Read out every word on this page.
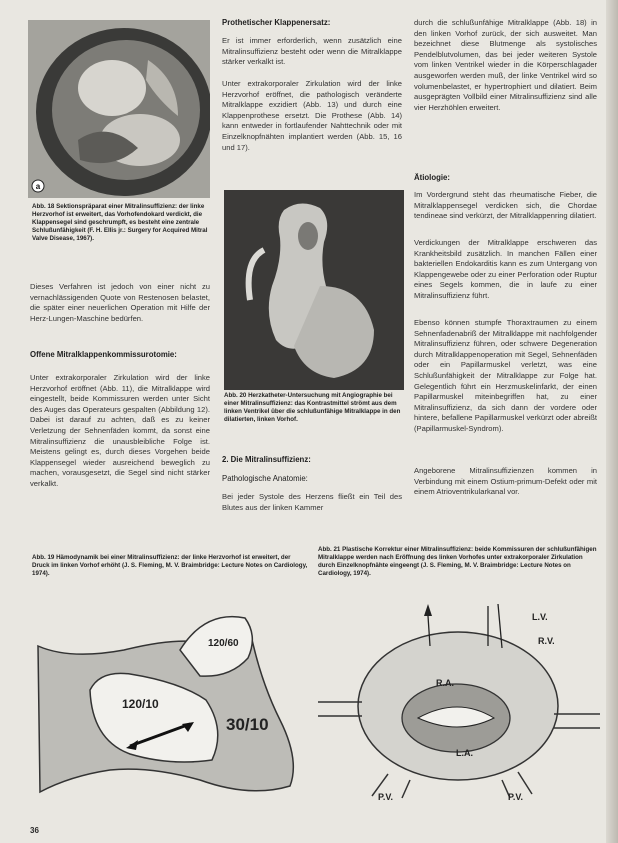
a
Abb. 18 Sektionspräparat einer Mitralinsuffizienz: der linke Herzvorhof ist erweitert, das Vorhofendokard verdickt, die Klappensegel sind geschrumpft, es besteht eine zentrale Schlußunfähigkeit (F. H. Ellis jr.: Surgery for Acquired Mitral Valve Disease, 1967).
Dieses Verfahren ist jedoch von einer nicht zu vernachlässigenden Quote von Restenosen belastet, die später einer neuerlichen Operation mit Hilfe der Herz-Lungen-Maschine bedürfen.
Offene Mitralklappenkommissurotomie:
Unter extrakorporaler Zirkulation wird der linke Herzvorhof eröffnet (Abb. 11), die Mitralklappe wird eingestellt, beide Kommissuren werden unter Sicht des Auges das Operateurs gespalten (Abbildung 12). Dabei ist darauf zu achten, daß es zu keiner Verletzung der Sehnenfäden kommt, da sonst eine Mitralinsuffizienz die unausbleibliche Folge ist. Meistens gelingt es, durch dieses Vorgehen beide Klappensegel wieder ausreichend beweglich zu machen, vorausgesetzt, die Segel sind nicht stärker verkalkt.
Prothetischer Klappenersatz:
Er ist immer erforderlich, wenn zusätzlich eine Mitralinsuffizienz besteht oder wenn die Mitralklappe stärker verkalkt ist.
Unter extrakorporaler Zirkulation wird der linke Herzvorhof eröffnet, die pathologisch veränderte Mitralklappe exzidiert (Abb. 13) und durch eine Klappenprothese ersetzt. Die Prothese (Abb. 14) kann entweder in fortlaufender Nahttechnik oder mit Einzelknopfnähten implantiert werden (Abb. 15, 16 und 17).
Abb. 20 Herzkatheter-Untersuchung mit Angiographie bei einer Mitralinsuffizienz: das Kontrastmittel strömt aus dem linken Ventrikel über die schlußunfähige Mitralklappe in den dilatierten, linken Vorhof.
2. Die Mitralinsuffizienz:
Pathologische Anatomie:
Bei jeder Systole des Herzens fließt ein Teil des Blutes aus der linken Kammer
durch die schlußunfähige Mitralklappe (Abb. 18) in den linken Vorhof zurück, der sich ausweitet. Man bezeichnet diese Blutmenge als systolisches Pendelblutvolumen, das bei jeder weiteren Systole vom linken Ventrikel wieder in die Körperschlagader ausgeworfen werden muß, der linke Ventrikel wird so volumenbelastet, er hypertrophiert und dilatiert. Beim ausgeprägten Vollbild einer Mitralinsuffizienz sind alle vier Herzhöhlen erweitert.
Ätiologie:
Im Vordergrund steht das rheumatische Fieber, die Mitralklappensegel verdicken sich, die Chordae tendineae sind verkürzt, der Mitralklappenring dilatiert.
Verdickungen der Mitralklappe erschweren das Krankheitsbild zusätzlich. In manchen Fällen einer bakteriellen Endokarditis kann es zum Untergang von Klappengewebe oder zu einer Perforation oder Ruptur eines Segels kommen, die in laufe zu einer Mitralinsuffizienz führt.
Ebenso können stumpfe Thoraxtraumen zu einem Sehnenfadenabriß der Mitralklappe mit nachfolgender Mitralinsuffizienz führen, oder schwere Degeneration durch Mitralklappenoperation mit Segel, Sehnenfäden oder ein Papillarmuskel verletzt, was eine Schlußunfähigkeit der Mitralklappe zur Folge hat. Gelegentlich führt ein Herzmuskelinfarkt, der einen Papillarmuskel miteinbegriffen hat, zu einer Mitralinsuffizienz, da sich dann der vordere oder hintere, befallene Papillarmuskel verkürzt oder abreißt (Papillarmuskel-Syndrom).
Angeborene Mitralinsuffizienzen kommen in Verbindung mit einem Ostium-primum-Defekt oder mit einem Atrioventrikularkanal vor.
Abb. 19 Hämodynamik bei einer Mitralinsuffizienz: der linke Herzvorhof ist erweitert, der Druck im linken Vorhof erhöht (J. S. Fleming, M. V. Braimbridge: Lecture Notes on Cardiology, 1974).
120/60
120/10
30/10
Abb. 21 Plastische Korrektur einer Mitralinsuffizienz: beide Kommissuren der schlußunfähigen Mitralklappe werden nach Eröffnung des linken Vorhofes unter extrakorporaler Zirkulation durch Einzelknopfnähte eingeengt (J. S. Fleming, M. V. Braimbridge: Lecture Notes on Cardiology, 1974).
L.V.
R.V.
R.A.
L.A.
P.V.	P.V.
36
